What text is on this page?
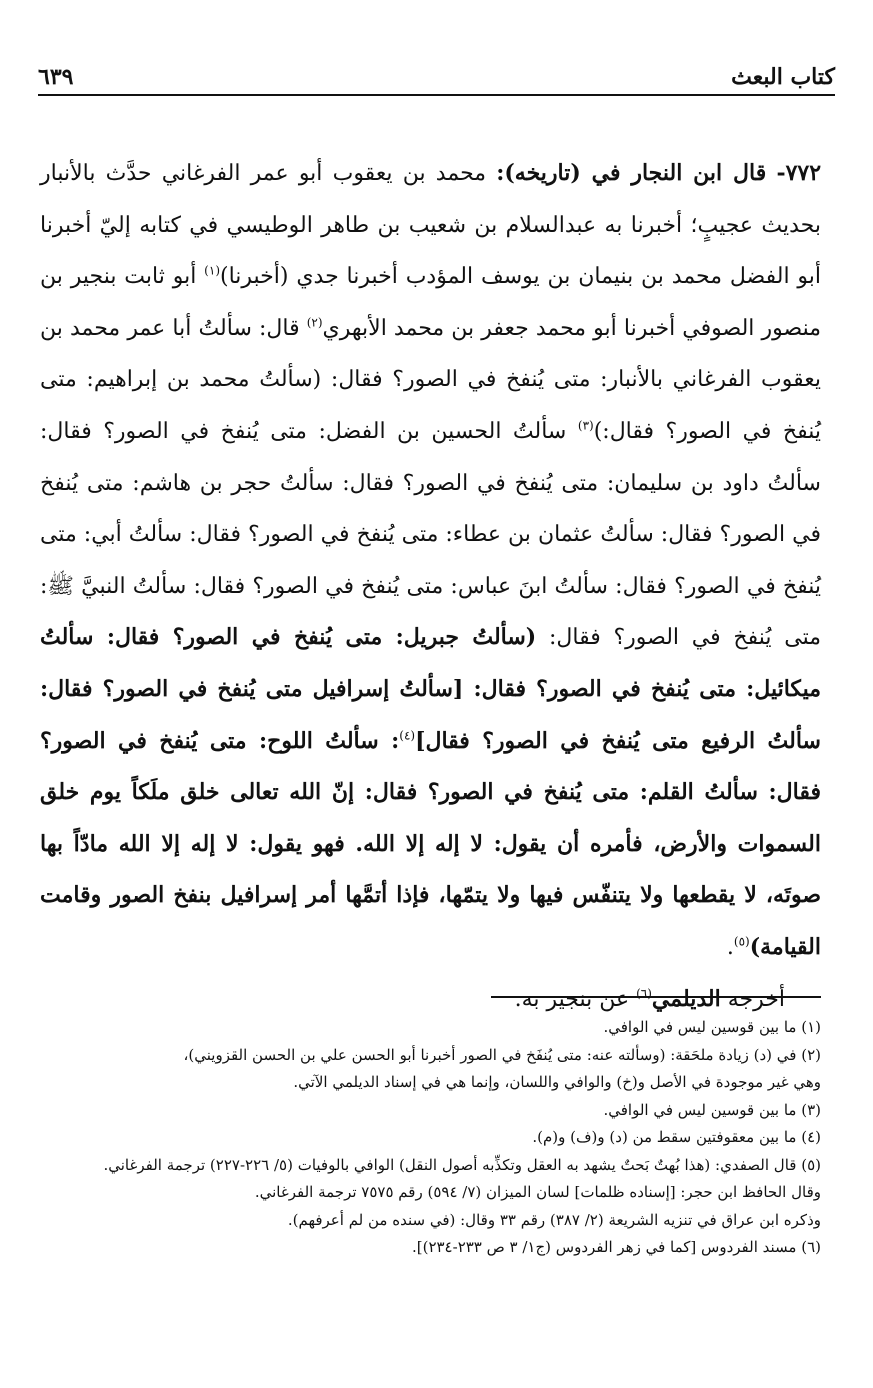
كتاب البعث
٦٣٩

٧٧٢- قال ابن النجار في (تاريخه): محمد بن يعقوب أبو عمر الفرغاني حدَّث بالأنبار بحديث عجيبٍ؛ أخبرنا به عبدالسلام بن شعيب بن طاهر الوطيسي في كتابه إليّ أخبرنا أبو الفضل محمد بن بنيمان بن يوسف المؤدب أخبرنا جدي (أخبرنا)$^{(١)}$ أبو ثابت بنجير بن منصور الصوفي أخبرنا أبو محمد جعفر بن محمد الأبهري$^{(٢)}$ قال: سألتُ أبا عمر محمد بن يعقوب الفرغاني بالأنبار: متى يُنفخ في الصور؟ فقال: (سألتُ محمد بن إبراهيم: متى يُنفخ في الصور؟ فقال:)$^{(٣)}$ سألتُ الحسين بن الفضل: متى يُنفخ في الصور؟ فقال: سألتُ داود بن سليمان: متى يُنفخ في الصور؟ فقال: سألتُ حجر بن هاشم: متى يُنفخ في الصور؟ فقال: سألتُ عثمان بن عطاء: متى يُنفخ في الصور؟ فقال: سألتُ أبي: متى يُنفخ في الصور؟ فقال: سألتُ ابنَ عباس: متى يُنفخ في الصور؟ فقال: سألتُ النبيَّ ﷺ: متى يُنفخ في الصور؟ فقال: (سألتُ جبريل: متى يُنفخ في الصور؟ فقال: سألتُ ميكائيل: متى يُنفخ في الصور؟ فقال: [سألتُ إسرافيل متى يُنفخ في الصور؟ فقال: سألتُ الرفيع متى يُنفخ في الصور؟ فقال]$^{(٤)}$: سألتُ اللوح: متى يُنفخ في الصور؟ فقال: سألتُ القلم: متى يُنفخ في الصور؟ فقال: إنّ الله تعالى خلق ملَكاً يوم خلق السموات والأرض، فأمره أن يقول: لا إله إلا الله. فهو يقول: لا إله إلا الله مادّاً بها صوتَه، لا يقطعها ولا يتنفّس فيها ولا يتمّها، فإذا أتمَّها أمر إسرافيل بنفخ الصور وقامت القيامة)$^{(٥)}$.

أخرجه الديلمي$^{(٦)}$ عن بنجير به.

(١) ما بين قوسين ليس في الوافي.

(٢) في (د) زيادة ملحَقة: (وسألته عنه: متى يُنفَخ في الصور أخبرنا أبو الحسن علي بن الحسن القزويني)،

وهي غير موجودة في الأصل و(خ) والوافي واللسان، وإنما هي في إسناد الديلمي الآتي.

(٣) ما بين قوسين ليس في الوافي.

(٤) ما بين معقوفتين سقط من (د) و(ف) و(م).

(٥) قال الصفدي: (هذا بُهتٌ بَحتٌ يشهد به العقل وتكذِّبه أصول النقل) الوافي بالوفيات (٥/ ٢٢٦-٢٢٧) ترجمة الفرغاني.

وقال الحافظ ابن حجر: [إسناده ظلمات] لسان الميزان (٧/ ٥٩٤) رقم ٧٥٧٥ ترجمة الفرغاني.

وذكره ابن عراق في تنزيه الشريعة (٢/ ٣٨٧) رقم ٣٣ وقال: (في سنده من لم أعرفهم).

(٦) مسند الفردوس [كما في زهر الفردوس (ج١/ ٣ ص ٢٣٣-٢٣٤)].
